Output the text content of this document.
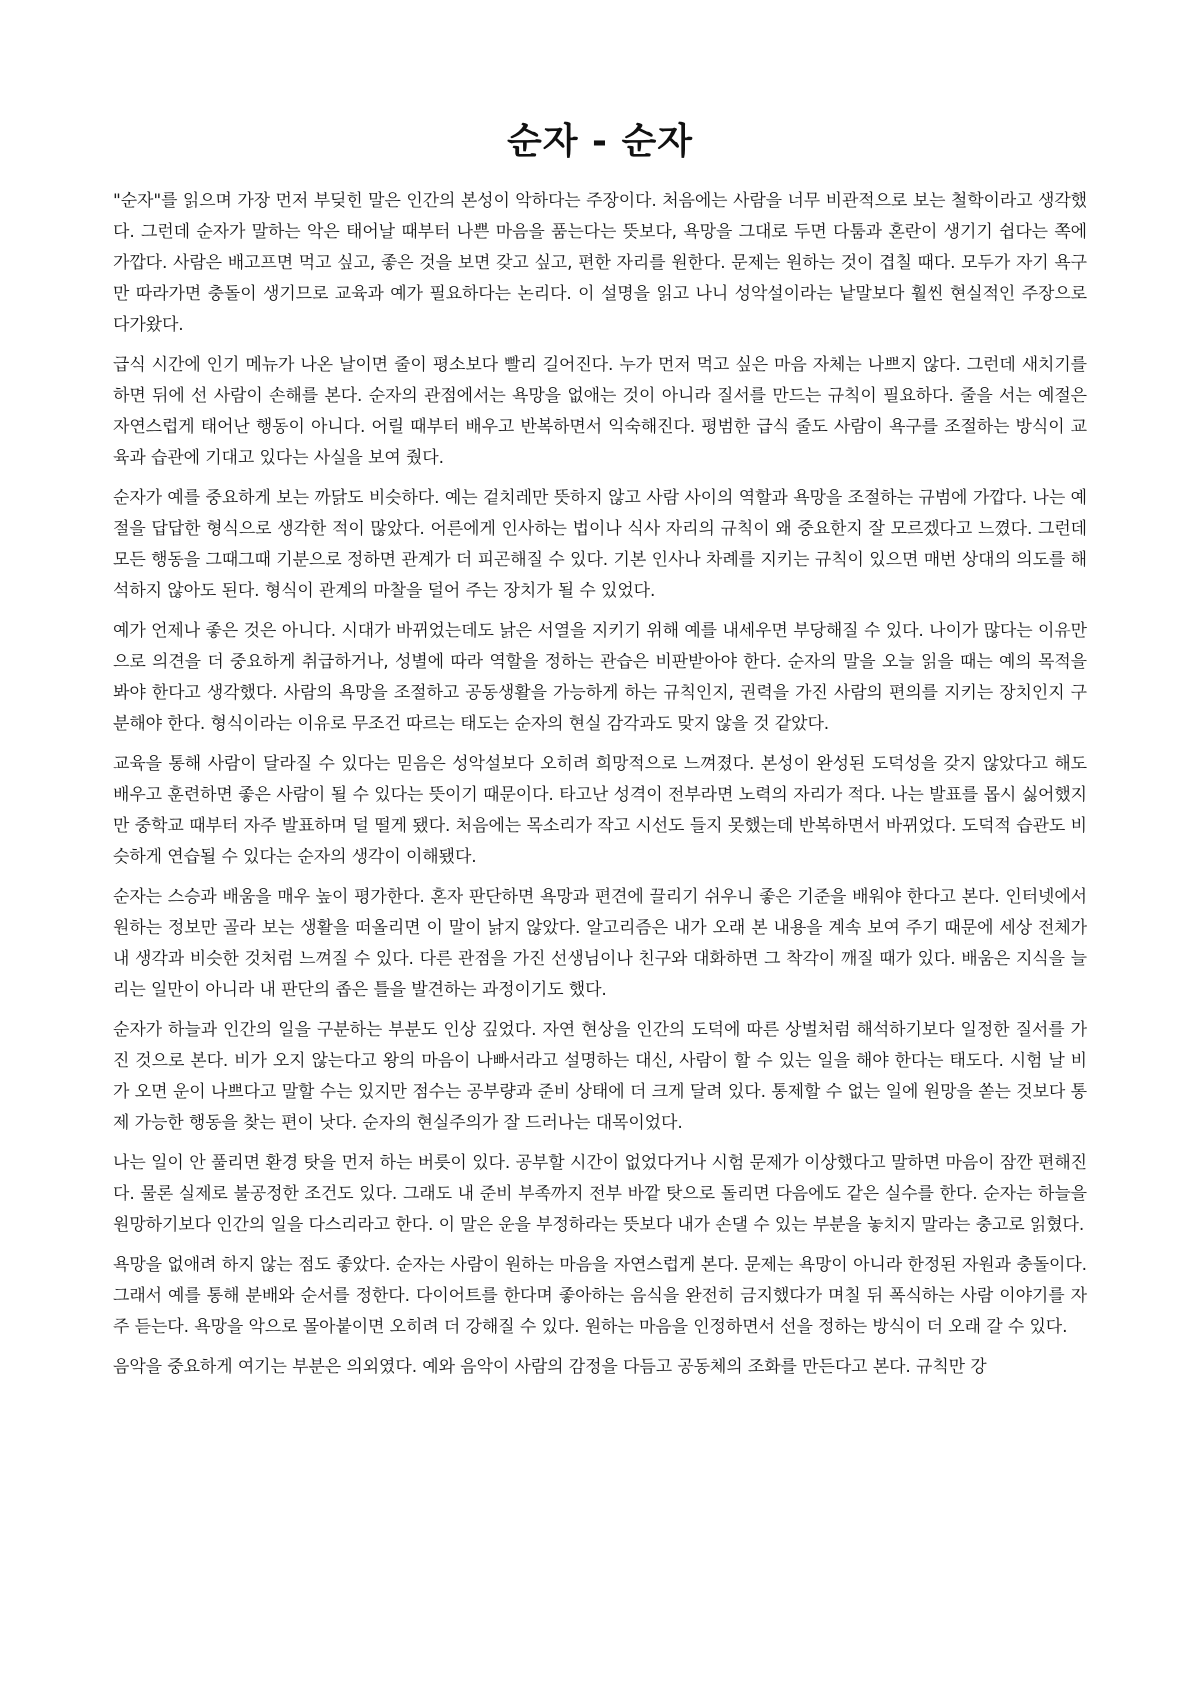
순자 - 순자

"순자"를 읽으며 가장 먼저 부딪힌 말은 인간의 본성이 악하다는 주장이다. 처음에는 사람을 너무 비관적으로 보는 철학이라고 생각했다. 그런데 순자가 말하는 악은 태어날 때부터 나쁜 마음을 품는다는 뜻보다, 욕망을 그대로 두면 다툼과 혼란이 생기기 쉽다는 쪽에 가깝다. 사람은 배고프면 먹고 싶고, 좋은 것을 보면 갖고 싶고, 편한 자리를 원한다. 문제는 원하는 것이 겹칠 때다. 모두가 자기 욕구만 따라가면 충돌이 생기므로 교육과 예가 필요하다는 논리다. 이 설명을 읽고 나니 성악설이라는 낱말보다 훨씬 현실적인 주장으로 다가왔다.

급식 시간에 인기 메뉴가 나온 날이면 줄이 평소보다 빨리 길어진다. 누가 먼저 먹고 싶은 마음 자체는 나쁘지 않다. 그런데 새치기를 하면 뒤에 선 사람이 손해를 본다. 순자의 관점에서는 욕망을 없애는 것이 아니라 질서를 만드는 규칙이 필요하다. 줄을 서는 예절은 자연스럽게 태어난 행동이 아니다. 어릴 때부터 배우고 반복하면서 익숙해진다. 평범한 급식 줄도 사람이 욕구를 조절하는 방식이 교육과 습관에 기대고 있다는 사실을 보여 줬다.

순자가 예를 중요하게 보는 까닭도 비슷하다. 예는 겉치레만 뜻하지 않고 사람 사이의 역할과 욕망을 조절하는 규범에 가깝다. 나는 예절을 답답한 형식으로 생각한 적이 많았다. 어른에게 인사하는 법이나 식사 자리의 규칙이 왜 중요한지 잘 모르겠다고 느꼈다. 그런데 모든 행동을 그때그때 기분으로 정하면 관계가 더 피곤해질 수 있다. 기본 인사나 차례를 지키는 규칙이 있으면 매번 상대의 의도를 해석하지 않아도 된다. 형식이 관계의 마찰을 덜어 주는 장치가 될 수 있었다.

예가 언제나 좋은 것은 아니다. 시대가 바뀌었는데도 낡은 서열을 지키기 위해 예를 내세우면 부당해질 수 있다. 나이가 많다는 이유만으로 의견을 더 중요하게 취급하거나, 성별에 따라 역할을 정하는 관습은 비판받아야 한다. 순자의 말을 오늘 읽을 때는 예의 목적을 봐야 한다고 생각했다. 사람의 욕망을 조절하고 공동생활을 가능하게 하는 규칙인지, 권력을 가진 사람의 편의를 지키는 장치인지 구분해야 한다. 형식이라는 이유로 무조건 따르는 태도는 순자의 현실 감각과도 맞지 않을 것 같았다.

교육을 통해 사람이 달라질 수 있다는 믿음은 성악설보다 오히려 희망적으로 느껴졌다. 본성이 완성된 도덕성을 갖지 않았다고 해도 배우고 훈련하면 좋은 사람이 될 수 있다는 뜻이기 때문이다. 타고난 성격이 전부라면 노력의 자리가 적다. 나는 발표를 몹시 싫어했지만 중학교 때부터 자주 발표하며 덜 떨게 됐다. 처음에는 목소리가 작고 시선도 들지 못했는데 반복하면서 바뀌었다. 도덕적 습관도 비슷하게 연습될 수 있다는 순자의 생각이 이해됐다.

순자는 스승과 배움을 매우 높이 평가한다. 혼자 판단하면 욕망과 편견에 끌리기 쉬우니 좋은 기준을 배워야 한다고 본다. 인터넷에서 원하는 정보만 골라 보는 생활을 떠올리면 이 말이 낡지 않았다. 알고리즘은 내가 오래 본 내용을 계속 보여 주기 때문에 세상 전체가 내 생각과 비슷한 것처럼 느껴질 수 있다. 다른 관점을 가진 선생님이나 친구와 대화하면 그 착각이 깨질 때가 있다. 배움은 지식을 늘리는 일만이 아니라 내 판단의 좁은 틀을 발견하는 과정이기도 했다.

순자가 하늘과 인간의 일을 구분하는 부분도 인상 깊었다. 자연 현상을 인간의 도덕에 따른 상벌처럼 해석하기보다 일정한 질서를 가진 것으로 본다. 비가 오지 않는다고 왕의 마음이 나빠서라고 설명하는 대신, 사람이 할 수 있는 일을 해야 한다는 태도다. 시험 날 비가 오면 운이 나쁘다고 말할 수는 있지만 점수는 공부량과 준비 상태에 더 크게 달려 있다. 통제할 수 없는 일에 원망을 쏟는 것보다 통제 가능한 행동을 찾는 편이 낫다. 순자의 현실주의가 잘 드러나는 대목이었다.

나는 일이 안 풀리면 환경 탓을 먼저 하는 버릇이 있다. 공부할 시간이 없었다거나 시험 문제가 이상했다고 말하면 마음이 잠깐 편해진다. 물론 실제로 불공정한 조건도 있다. 그래도 내 준비 부족까지 전부 바깥 탓으로 돌리면 다음에도 같은 실수를 한다. 순자는 하늘을 원망하기보다 인간의 일을 다스리라고 한다. 이 말은 운을 부정하라는 뜻보다 내가 손댈 수 있는 부분을 놓치지 말라는 충고로 읽혔다.

욕망을 없애려 하지 않는 점도 좋았다. 순자는 사람이 원하는 마음을 자연스럽게 본다. 문제는 욕망이 아니라 한정된 자원과 충돌이다. 그래서 예를 통해 분배와 순서를 정한다. 다이어트를 한다며 좋아하는 음식을 완전히 금지했다가 며칠 뒤 폭식하는 사람 이야기를 자주 듣는다. 욕망을 악으로 몰아붙이면 오히려 더 강해질 수 있다. 원하는 마음을 인정하면서 선을 정하는 방식이 더 오래 갈 수 있다.

음악을 중요하게 여기는 부분은 의외였다. 예와 음악이 사람의 감정을 다듬고 공동체의 조화를 만든다고 본다. 규칙만 강
